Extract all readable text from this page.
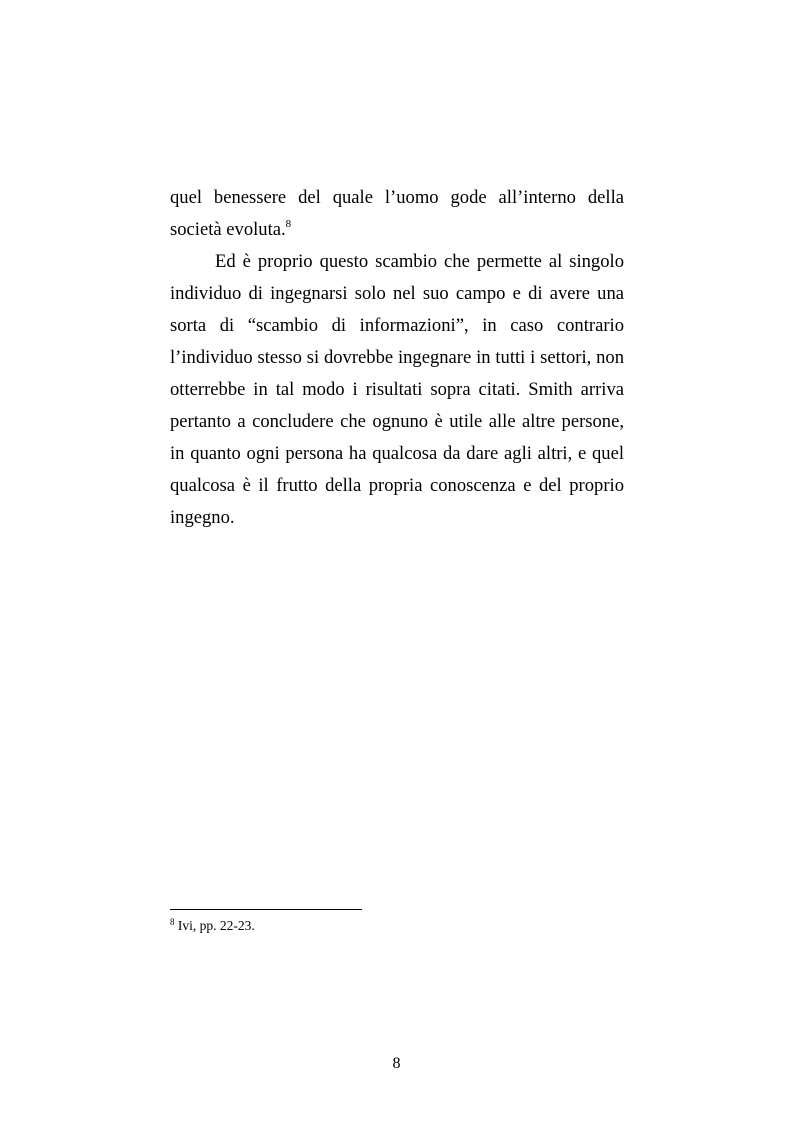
quel benessere del quale l’uomo gode all’interno della società evoluta.$^8$

Ed è proprio questo scambio che permette al singolo individuo di ingegnarsi solo nel suo campo e di avere una sorta di “scambio di informazioni”, in caso contrario l’individuo stesso si dovrebbe ingegnare in tutti i settori, non otterrebbe in tal modo i risultati sopra citati. Smith arriva pertanto a concludere che ognuno è utile alle altre persone, in quanto ogni persona ha qualcosa da dare agli altri, e quel qualcosa è il frutto della propria conoscenza e del proprio ingegno.

$^8$ Ivi, pp. 22-23.
8
